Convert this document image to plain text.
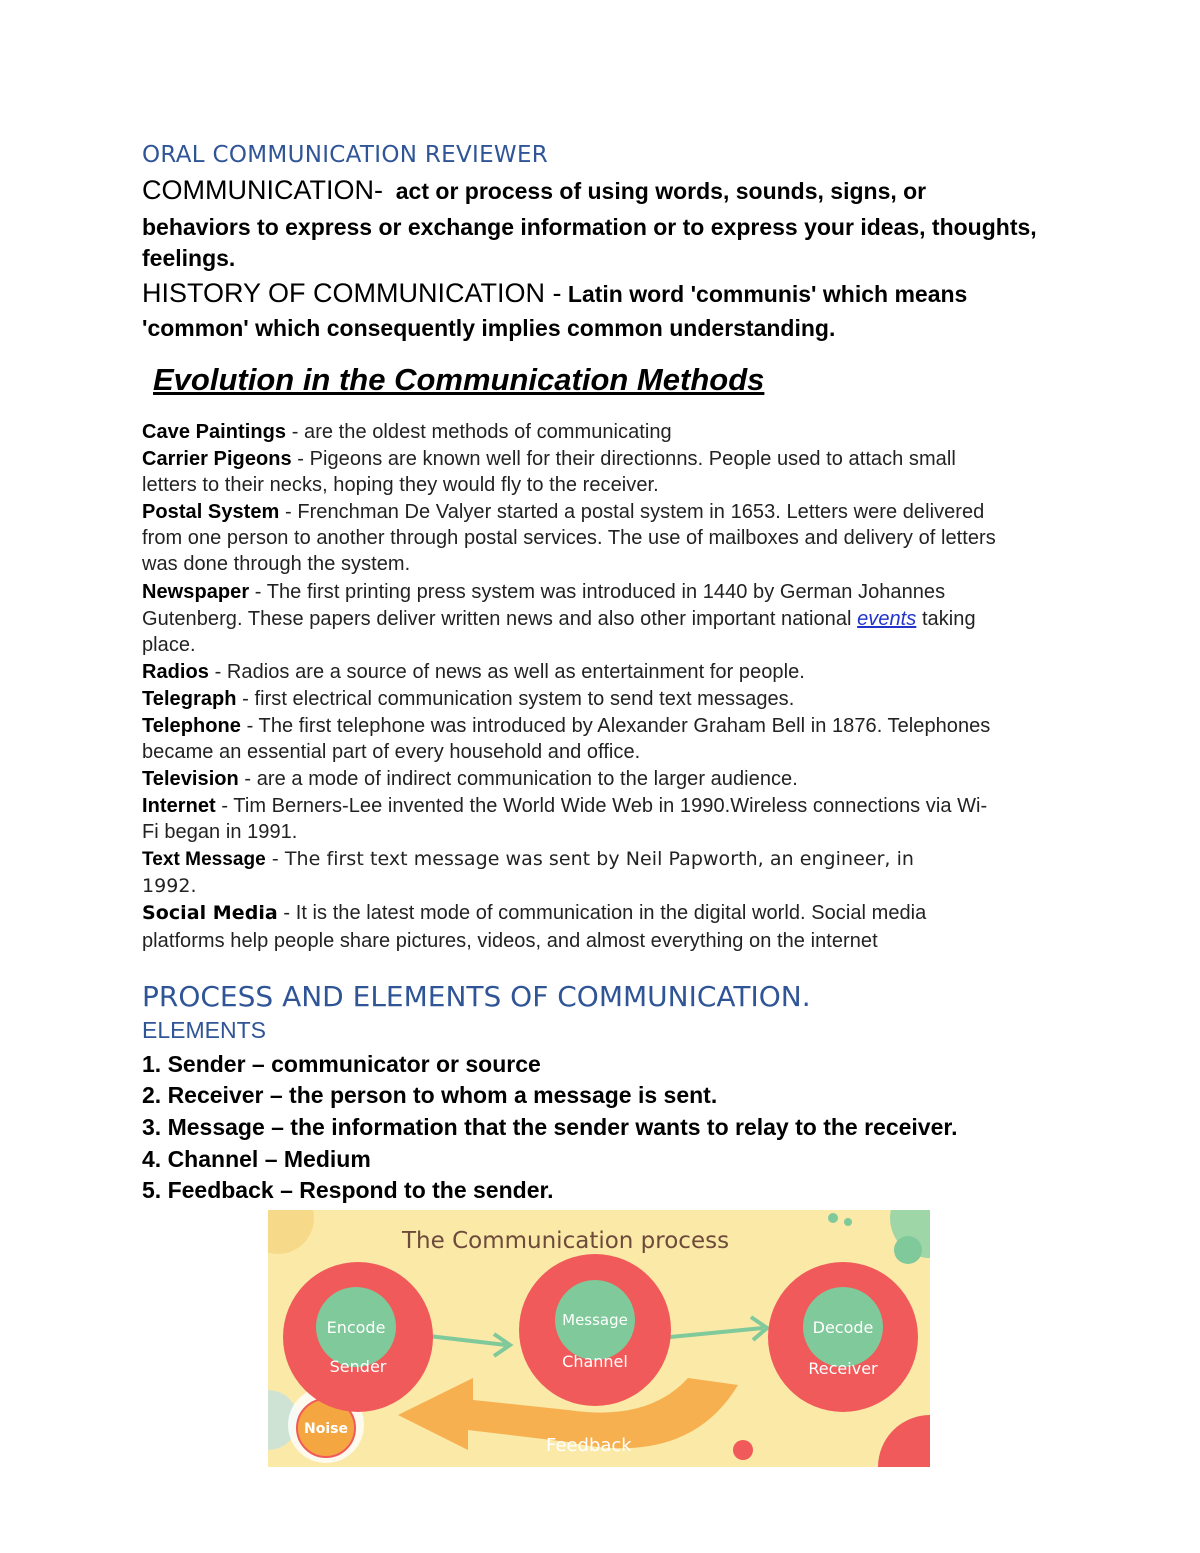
ORAL COMMUNICATION REVIEWER
COMMUNICATION- act or process of using words, sounds, signs, or
behaviors to express or exchange information or to express your ideas, thoughts,
feelings.
HISTORY OF COMMUNICATION - Latin word 'communis' which means
'common' which consequently implies common understanding.
Evolution in the Communication Methods
Cave Paintings - are the oldest methods of communicating
Carrier Pigeons - Pigeons are known well for their directionns. People used to attach small
letters to their necks, hoping they would fly to the receiver.
Postal System - Frenchman De Valyer started a postal system in 1653. Letters were delivered
from one person to another through postal services. The use of mailboxes and delivery of letters
was done through the system.
Newspaper - The first printing press system was introduced in 1440 by German Johannes
Gutenberg. These papers deliver written news and also other important national events taking
place.
Radios - Radios are a source of news as well as entertainment for people.
Telegraph - first electrical communication system to send text messages.
Telephone - The first telephone was introduced by Alexander Graham Bell in 1876. Telephones
became an essential part of every household and office.
Television - are a mode of indirect communication to the larger audience.
Internet - Tim Berners-Lee invented the World Wide Web in 1990.Wireless connections via Wi-
Fi began in 1991.
Text Message - The first text message was sent by Neil Papworth, an engineer, in
1992.
Social Media - It is the latest mode of communication in the digital world. Social media
platforms help people share pictures, videos, and almost everything on the internet
PROCESS AND ELEMENTS OF COMMUNICATION.
ELEMENTS
1. Sender – communicator or source
2. Receiver – the person to whom a message is sent.
3. Message – the information that the sender wants to relay to the receiver.
4. Channel – Medium
5. Feedback – Respond to the sender.
The Communication process
Feedback
Noise
Encode
Sender
Message
Channel
Decode
Receiver
